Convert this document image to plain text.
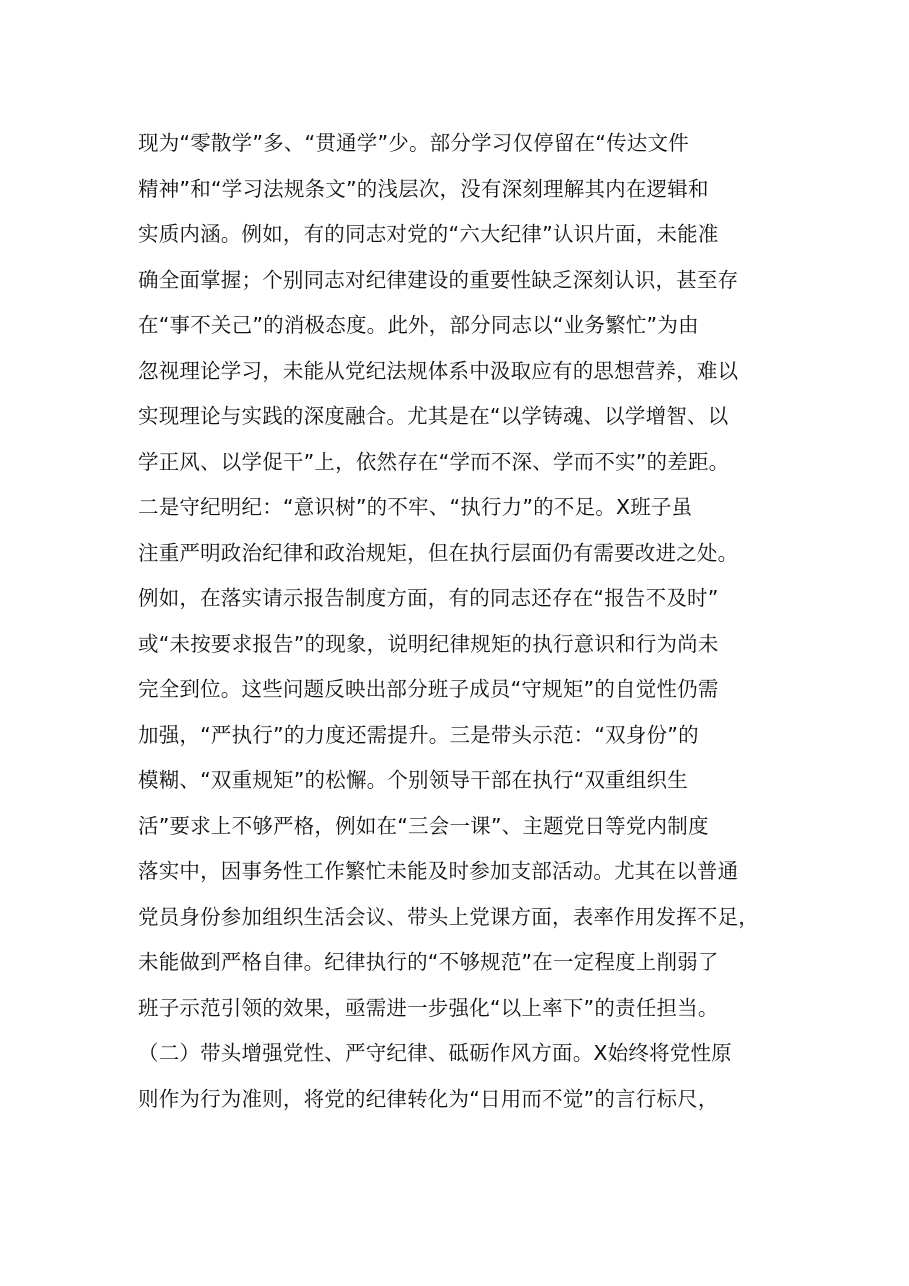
现为“零散学”多、“贯通学”少。部分学习仅停留在“传达文件
精神”和“学习法规条文”的浅层次，没有深刻理解其内在逻辑和
实质内涵。例如，有的同志对党的“六大纪律”认识片面，未能准
确全面掌握；个别同志对纪律建设的重要性缺乏深刻认识，甚至存
在“事不关己”的消极态度。此外，部分同志以“业务繁忙”为由
忽视理论学习，未能从党纪法规体系中汲取应有的思想营养，难以
实现理论与实践的深度融合。尤其是在“以学铸魂、以学增智、以
学正风、以学促干”上，依然存在“学而不深、学而不实”的差距。
二是守纪明纪：“意识树”的不牢、“执行力”的不足。X班子虽
注重严明政治纪律和政治规矩，但在执行层面仍有需要改进之处。
例如，在落实请示报告制度方面，有的同志还存在“报告不及时”
或“未按要求报告”的现象，说明纪律规矩的执行意识和行为尚未
完全到位。这些问题反映出部分班子成员“守规矩”的自觉性仍需
加强，“严执行”的力度还需提升。三是带头示范：“双身份”的
模糊、“双重规矩”的松懈。个别领导干部在执行“双重组织生
活”要求上不够严格，例如在“三会一课”、主题党日等党内制度
落实中，因事务性工作繁忙未能及时参加支部活动。尤其在以普通
党员身份参加组织生活会议、带头上党课方面，表率作用发挥不足，
未能做到严格自律。纪律执行的“不够规范”在一定程度上削弱了
班子示范引领的效果，亟需进一步强化“以上率下”的责任担当。
（二）带头增强党性、严守纪律、砥砺作风方面。X始终将党性原
则作为行为准则，将党的纪律转化为“日用而不觉”的言行标尺，
